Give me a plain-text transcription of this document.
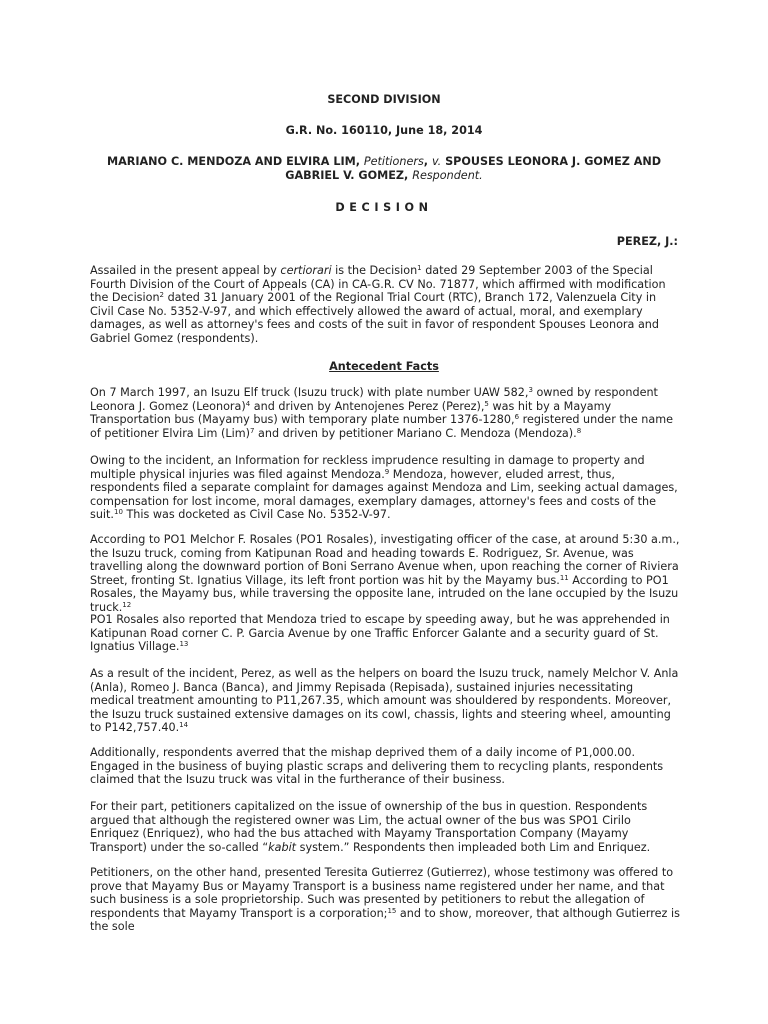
SECOND DIVISION
G.R. No. 160110, June 18, 2014
MARIANO C. MENDOZA AND ELVIRA LIM, Petitioners, v. SPOUSES LEONORA J. GOMEZ AND GABRIEL V. GOMEZ, Respondent.
DECISION
PEREZ, J.:

Assailed in the present appeal by certiorari is the Decision$^1$ dated 29 September 2003 of the Special Fourth Division of the Court of Appeals (CA) in CA-G.R. CV No. 71877, which affirmed with modification the Decision$^2$ dated 31 January 2001 of the Regional Trial Court (RTC), Branch 172, Valenzuela City in Civil Case No. 5352-V-97, and which effectively allowed the award of actual, moral, and exemplary damages, as well as attorney's fees and costs of the suit in favor of respondent Spouses Leonora and Gabriel Gomez (respondents).

Antecedent Facts

On 7 March 1997, an Isuzu Elf truck (Isuzu truck) with plate number UAW 582,$^3$ owned by respondent Leonora J. Gomez (Leonora)$^4$ and driven by Antenojenes Perez (Perez),$^5$ was hit by a Mayamy Transportation bus (Mayamy bus) with temporary plate number 1376-1280,$^6$ registered under the name of petitioner Elvira Lim (Lim)$^7$ and driven by petitioner Mariano C. Mendoza (Mendoza).$^8$

Owing to the incident, an Information for reckless imprudence resulting in damage to property and multiple physical injuries was filed against Mendoza.$^9$ Mendoza, however, eluded arrest, thus, respondents filed a separate complaint for damages against Mendoza and Lim, seeking actual damages, compensation for lost income, moral damages, exemplary damages, attorney's fees and costs of the suit.$^{10}$ This was docketed as Civil Case No. 5352-V-97.

According to PO1 Melchor F. Rosales (PO1 Rosales), investigating officer of the case, at around 5:30 a.m., the Isuzu truck, coming from Katipunan Road and heading towards E. Rodriguez, Sr. Avenue, was travelling along the downward portion of Boni Serrano Avenue when, upon reaching the corner of Riviera Street, fronting St. Ignatius Village, its left front portion was hit by the Mayamy bus.$^{11}$ According to PO1 Rosales, the Mayamy bus, while traversing the opposite lane, intruded on the lane occupied by the Isuzu truck.$^{12}$

PO1 Rosales also reported that Mendoza tried to escape by speeding away, but he was apprehended in Katipunan Road corner C. P. Garcia Avenue by one Traffic Enforcer Galante and a security guard of St. Ignatius Village.$^{13}$

As a result of the incident, Perez, as well as the helpers on board the Isuzu truck, namely Melchor V. Anla (Anla), Romeo J. Banca (Banca), and Jimmy Repisada (Repisada), sustained injuries necessitating medical treatment amounting to P11,267.35, which amount was shouldered by respondents. Moreover, the Isuzu truck sustained extensive damages on its cowl, chassis, lights and steering wheel, amounting to P142,757.40.14

Additionally, respondents averred that the mishap deprived them of a daily income of P1,000.00. Engaged in the business of buying plastic scraps and delivering them to recycling plants, respondents claimed that the Isuzu truck was vital in the furtherance of their business.

For their part, petitioners capitalized on the issue of ownership of the bus in question. Respondents argued that although the registered owner was Lim, the actual owner of the bus was SPO1 Cirilo Enriquez (Enriquez), who had the bus attached with Mayamy Transportation Company (Mayamy Transport) under the so-called “kabit system.” Respondents then impleaded both Lim and Enriquez.

Petitioners, on the other hand, presented Teresita Gutierrez (Gutierrez), whose testimony was offered to prove that Mayamy Bus or Mayamy Transport is a business name registered under her name, and that such business is a sole proprietorship. Such was presented by petitioners to rebut the allegation of respondents that Mayamy Transport is a corporation;$^{15}$ and to show, moreover, that although Gutierrez is the sole
